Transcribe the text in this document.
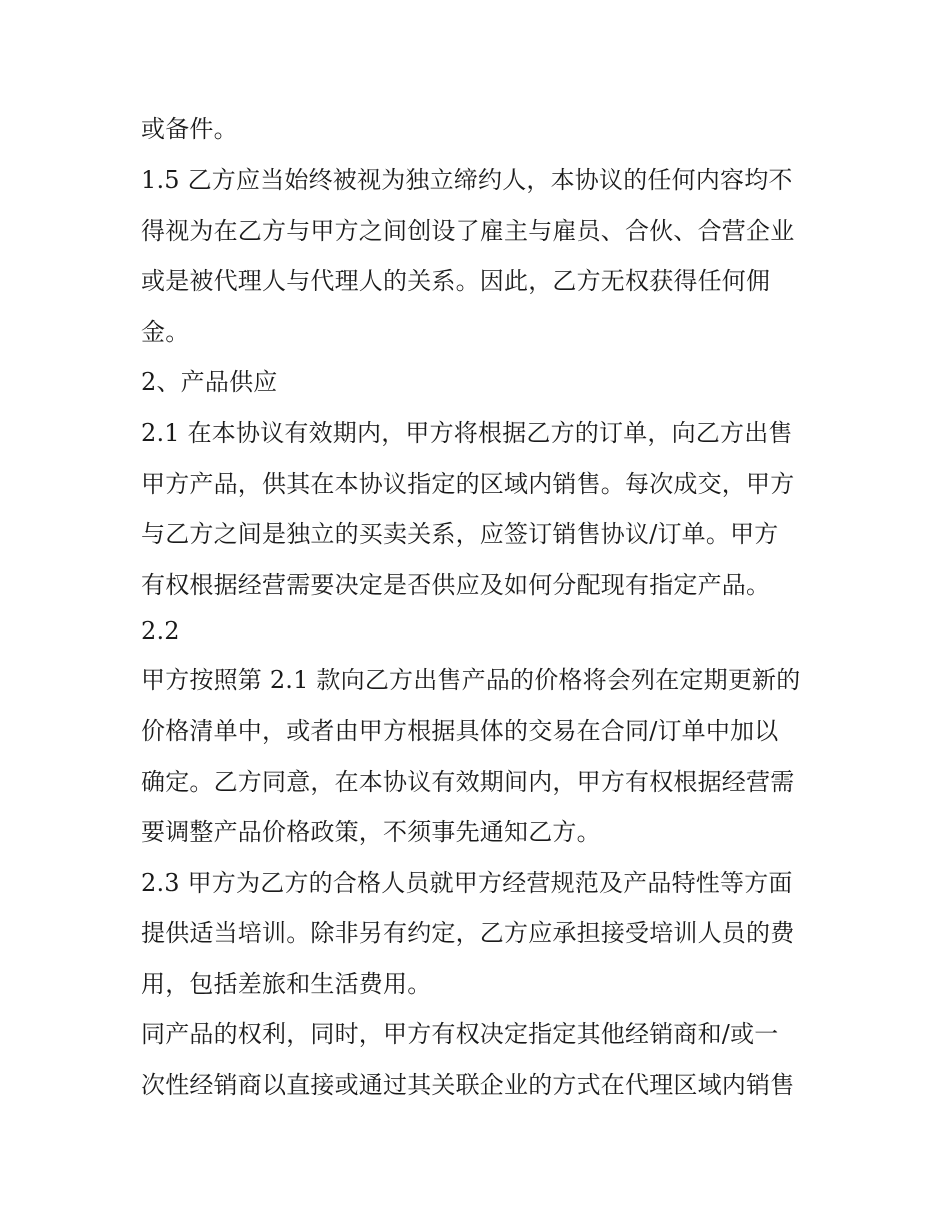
或备件。
1.5 乙方应当始终被视为独立缔约人，本协议的任何内容均不
得视为在乙方与甲方之间创设了雇主与雇员、合伙、合营企业
或是被代理人与代理人的关系。因此，乙方无权获得任何佣
金。
2、产品供应
2.1 在本协议有效期内，甲方将根据乙方的订单，向乙方出售
甲方产品，供其在本协议指定的区域内销售。每次成交，甲方
与乙方之间是独立的买卖关系，应签订销售协议/订单。甲方
有权根据经营需要决定是否供应及如何分配现有指定产品。
2.2
甲方按照第 2.1 款向乙方出售产品的价格将会列在定期更新的
价格清单中，或者由甲方根据具体的交易在合同/订单中加以
确定。乙方同意，在本协议有效期间内，甲方有权根据经营需
要调整产品价格政策，不须事先通知乙方。
2.3 甲方为乙方的合格人员就甲方经营规范及产品特性等方面
提供适当培训。除非另有约定，乙方应承担接受培训人员的费
用，包括差旅和生活费用。
同产品的权利，同时，甲方有权决定指定其他经销商和/或一
次性经销商以直接或通过其关联企业的方式在代理区域内销售
